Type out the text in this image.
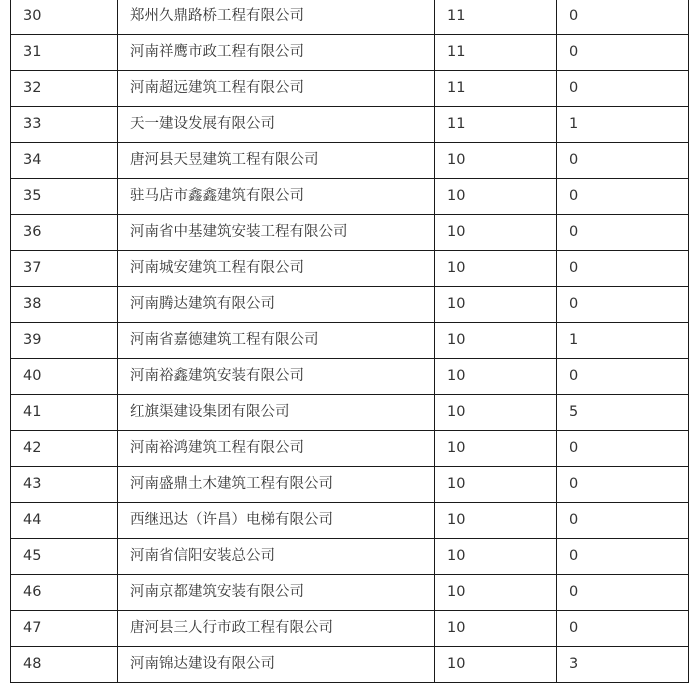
30	郑州久鼎路桥工程有限公司	11	0
31	河南祥鹰市政工程有限公司	11	0
32	河南超远建筑工程有限公司	11	0
33	天一建设发展有限公司	11	1
34	唐河县天昱建筑工程有限公司	10	0
35	驻马店市鑫鑫建筑有限公司	10	0
36	河南省中基建筑安装工程有限公司	10	0
37	河南城安建筑工程有限公司	10	0
38	河南腾达建筑有限公司	10	0
39	河南省嘉德建筑工程有限公司	10	1
40	河南裕鑫建筑安装有限公司	10	0
41	红旗渠建设集团有限公司	10	5
42	河南裕鸿建筑工程有限公司	10	0
43	河南盛鼎土木建筑工程有限公司	10	0
44	西继迅达（许昌）电梯有限公司	10	0
45	河南省信阳安装总公司	10	0
46	河南京都建筑安装有限公司	10	0
47	唐河县三人行市政工程有限公司	10	0
48	河南锦达建设有限公司	10	3
